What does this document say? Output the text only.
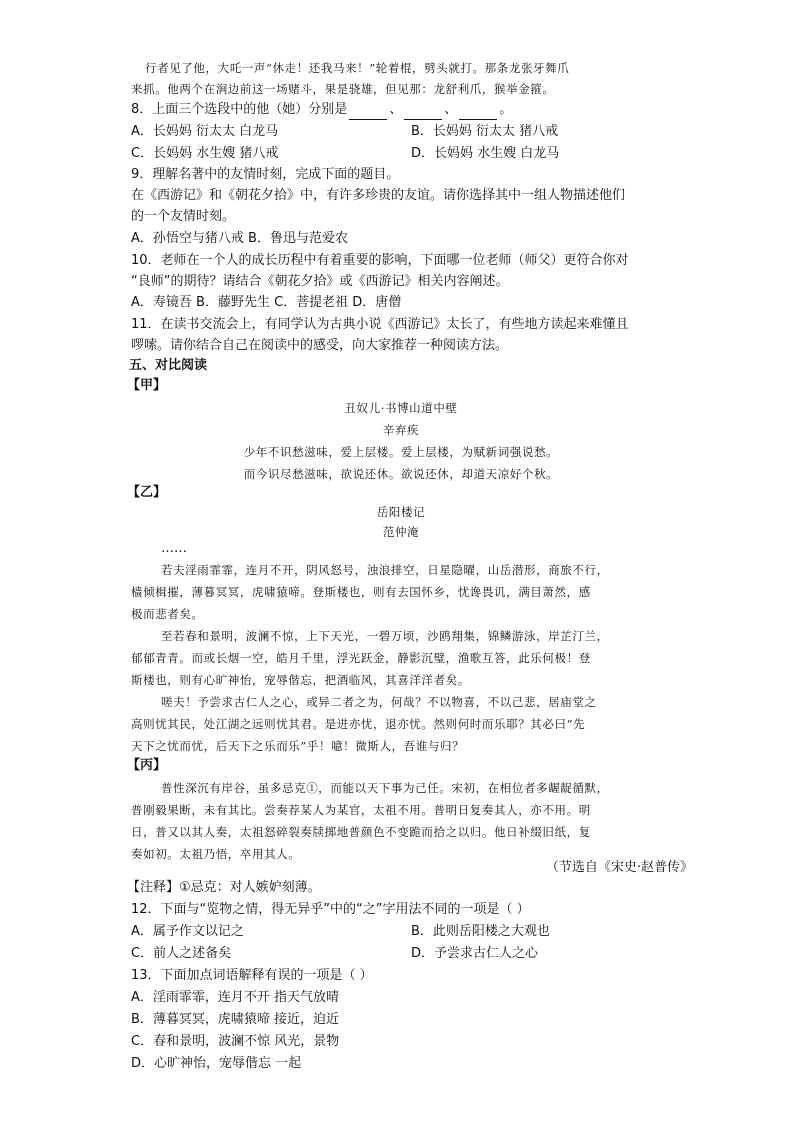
行者见了他，大吒一声“休走！还我马来！”轮着棍，劈头就打。那条龙张牙舞爪
来抓。他两个在涧边前这一场赌斗，果是骁雄，但见那：龙舒利爪，猴举金箍。
8．上面三个选段中的他（她）分别是	、	、	。
A．长妈妈 衍太太 白龙马	B．长妈妈 衍太太 猪八戒
C．长妈妈 水生嫂 猪八戒	D．长妈妈 水生嫂 白龙马
9．理解名著中的友情时刻，完成下面的题目。
在《西游记》和《朝花夕拾》中，有许多珍贵的友谊。请你选择其中一组人物描述他们
的一个友情时刻。
A．孙悟空与猪八戒 B．鲁迅与范爱农
10．老师在一个人的成长历程中有着重要的影响，下面哪一位老师（师父）更符合你对
“良师”的期待？请结合《朝花夕拾》或《西游记》相关内容阐述。
A．寿镜吾 B．藤野先生 C．菩提老祖 D．唐僧
11．在读书交流会上，有同学认为古典小说《西游记》太长了，有些地方读起来难懂且
啰嗦。请你结合自己在阅读中的感受，向大家推荐一种阅读方法。
五、对比阅读
【甲】
丑奴儿·书博山道中壁
辛弃疾
少年不识愁滋味，爱上层楼。爱上层楼，为赋新词强说愁。
而今识尽愁滋味，欲说还休。欲说还休，却道天凉好个秋。
【乙】
岳阳楼记
范仲淹
……
若夫淫雨霏霏，连月不开，阴风怒号，浊浪排空，日星隐曜，山岳潜形，商旅不行，
樯倾楫摧，薄暮冥冥，虎啸猿啼。登斯楼也，则有去国怀乡，忧谗畏讥，满目萧然，感
极而悲者矣。
至若春和景明，波澜不惊，上下天光，一碧万顷，沙鸥翔集，锦鳞游泳，岸芷汀兰，
郁郁青青。而或长烟一空，皓月千里，浮光跃金，静影沉璧，渔歌互答，此乐何极！登
斯楼也，则有心旷神怡，宠辱偕忘，把酒临风，其喜洋洋者矣。
嗟夫！予尝求古仁人之心，或异二者之为，何哉？不以物喜，不以己悲，居庙堂之
高则忧其民，处江湖之远则忧其君。是进亦忧，退亦忧。然则何时而乐耶？其必曰“先
天下之忧而忧，后天下之乐而乐”乎！噫！微斯人，吾谁与归？
【丙】
普性深沉有岸谷，虽多忌克①，而能以天下事为己任。宋初，在相位者多龌龊循默，
普刚毅果断，未有其比。尝奏荐某人为某官，太祖不用。普明日复奏其人，亦不用。明
日，普又以其人奏，太祖怒碎裂奏牍掷地普颜色不变跪而拾之以归。他日补缀旧纸，复
奏如初。太祖乃悟，卒用其人。
（节选自《宋史·赵普传》
【注释】①忌克：对人嫉妒刻薄。
12．下面与“览物之情，得无异乎”中的“之”字用法不同的一项是（ ）
A．属予作文以记之	B．此则岳阳楼之大观也
C．前人之述备矣	D．予尝求古仁人之心
13．下面加点词语解释有误的一项是（ ）
A．淫雨霏霏，连月不开 指天气放晴
B．薄暮冥冥，虎啸猿啼 接近，迫近
C．春和景明，波澜不惊 风光，景物
D．心旷神怡，宠辱偕忘 一起
